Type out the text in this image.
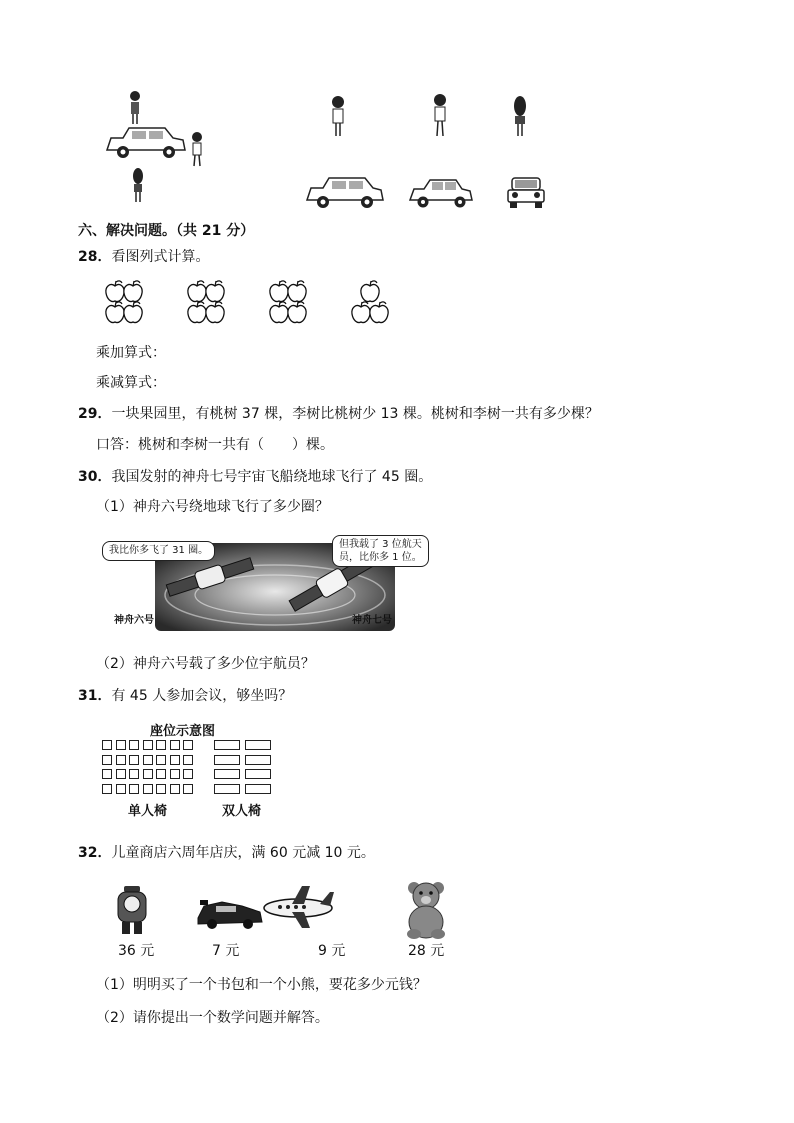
六、解决问题。（共 21 分）
28．看图列式计算。
乘加算式：
乘减算式：
29．一块果园里，有桃树 37 棵，李树比桃树少 13 棵。桃树和李树一共有多少棵？
口答：桃树和李树一共有（　　）棵。
30．我国发射的神舟七号宇宙飞船绕地球飞行了 45 圈。
（1）神舟六号绕地球飞行了多少圈？
我比你多飞了 31 圈。
但我载了 3 位航天
员，比你多 1 位。
神舟六号	神舟七号
（2）神舟六号载了多少位宇航员？
31．有 45 人参加会议，够坐吗？
座位示意图
单人椅	双人椅
32．儿童商店六周年店庆，满 60 元减 10 元。
36 元	7 元	9 元	28 元
（1）明明买了一个书包和一个小熊，要花多少元钱？
（2）请你提出一个数学问题并解答。
